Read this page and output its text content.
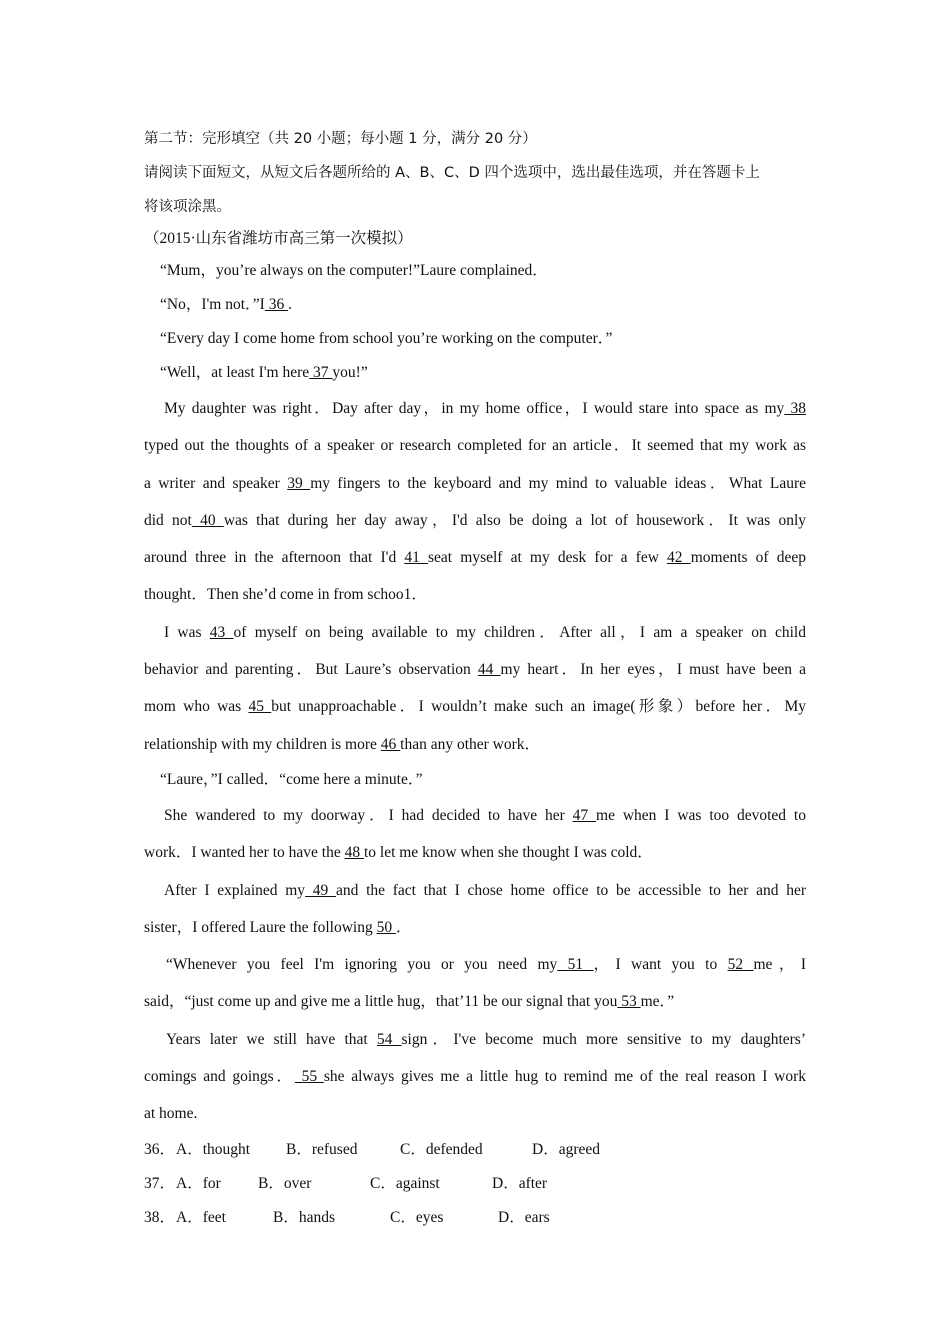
第二节：完形填空（共 20 小题；每小题 1 分，满分 20 分）
请阅读下面短文，从短文后各题所给的 A、B、C、D 四个选项中，选出最佳选项，并在答题卡上
将该项涂黑。
（2015·山东省潍坊市高三第一次模拟）
“Mum，you’re always on the computer!”Laure complained．
“No，I'm not．”I 36 .
“Every day I come home from school you’re working on the computer．”
“Well，at least I'm here 37 you!”
My daughter was right．Day after day，in my home office，I would stare into space as my 38
typed out the thoughts of a speaker or research completed for an article．It seemed that my work as
a writer and speaker 39 my fingers to the keyboard and my mind to valuable ideas．What Laure
did not 40 was that during her day away，I'd also be doing a lot of housework．It was only
around three in the afternoon that I'd 41 seat myself at my desk for a few 42 moments of deep
thought．Then she’d come in from schoo1．
I was 43 of myself on being available to my children．After all，I am a speaker on child
behavior and parenting．But Laure’s observation 44 my heart．In her eyes，I must have been a
mom who was 45 but unapproachable．I wouldn’t make such an image(形象）before her．My
relationship with my children is more 46 than any other work．
“Laure，”I called．“come here a minute．”
She wandered to my doorway．I had decided to have her 47 me when I was too devoted to
work．I wanted her to have the 48 to let me know when she thought I was cold．
After I explained my 49 and the fact that I chose home office to be accessible to her and her
sister，I offered Laure the following 50 ．
“Whenever you feel I'm ignoring you or you need my 51 ，I want you to 52 me，I
said，“just come up and give me a little hug，that’11 be our signal that you 53 me．”
Years later we still have that 54 sign．I've become much more sensitive to my daughters’
comings and goings． 55 she always gives me a little hug to remind me of the real reason I work
at home.
36．A．thought B．refused	C．defended	D．agreed
37．A．for B．over	C．against	D．after
38．A．feet	B．hands	C．eyes	D．ears
